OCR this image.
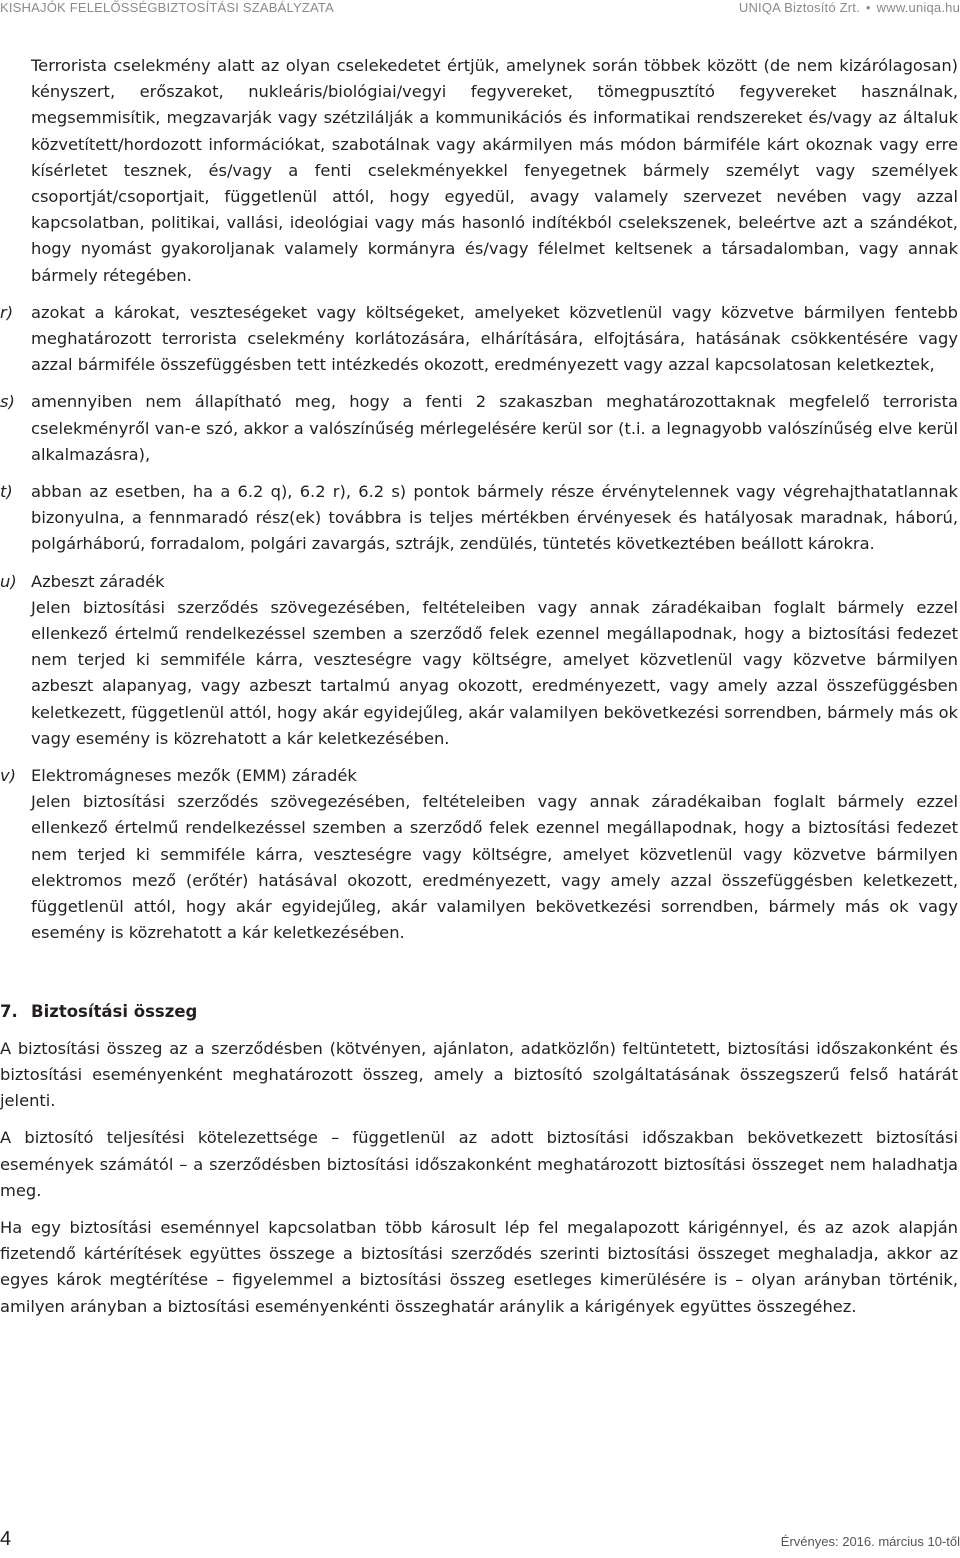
KISHAJÓK FELELŐSSÉGBIZTOSÍTÁSI SZABÁLYZATA	UNIQA Biztosító Zrt. • www.uniqa.hu

Terrorista cselekmény alatt az olyan cselekedetet értjük, amelynek során többek között (de nem kizárólagosan) kényszert, erőszakot, nukleáris/biológiai/vegyi fegyvereket, tömegpusztító fegyvereket használnak, megsemmisítik, megzavarják vagy szétzilálják a kommunikációs és informatikai rendszereket és/vagy az általuk közvetített/hordozott információkat, szabotálnak vagy akármilyen más módon bármiféle kárt okoznak vagy erre kísérletet tesznek, és/vagy a fenti cselekményekkel fenyegetnek bármely személyt vagy személyek csoportját/csoportjait, függetlenül attól, hogy egyedül, avagy valamely szervezet nevében vagy azzal kapcsolatban, politikai, vallási, ideológiai vagy más hasonló indítékból cselekszenek, beleértve azt a szándékot, hogy nyomást gyakoroljanak valamely kormányra és/vagy félelmet keltsenek a társadalomban, vagy annak bármely rétegében.

r) azokat a károkat, veszteségeket vagy költségeket, amelyeket közvetlenül vagy közvetve bármilyen fentebb meghatározott terrorista cselekmény korlátozására, elhárítására, elfojtására, hatásának csökkentésére vagy azzal bármiféle összefüggésben tett intézkedés okozott, eredményezett vagy azzal kapcsolatosan keletkeztek,
s) amennyiben nem állapítható meg, hogy a fenti 2 szakaszban meghatározottaknak megfelelő terrorista cselekményről van-e szó, akkor a valószínűség mérlegelésére kerül sor (t.i. a legnagyobb valószínűség elve kerül alkalmazásra),
t) abban az esetben, ha a 6.2 q), 6.2 r), 6.2 s) pontok bármely része érvénytelennek vagy végrehajthatatlannak bizonyulna, a fennmaradó rész(ek) továbbra is teljes mértékben érvényesek és hatályosak maradnak, háború, polgárháború, forradalom, polgári zavargás, sztrájk, zendülés, tüntetés következtében beállott károkra.
u) Azbeszt záradék
Jelen biztosítási szerződés szövegezésében, feltételeiben vagy annak záradékaiban foglalt bármely ezzel ellenkező értelmű rendelkezéssel szemben a szerződő felek ezennel megállapodnak, hogy a biztosítási fedezet nem terjed ki semmiféle kárra, veszteségre vagy költségre, amelyet közvetlenül vagy közvetve bármilyen azbeszt alapanyag, vagy azbeszt tartalmú anyag okozott, eredményezett, vagy amely azzal összefüggésben keletkezett, függetlenül attól, hogy akár egyidejűleg, akár valamilyen bekövetkezési sorrendben, bármely más ok vagy esemény is közrehatott a kár keletkezésében.
v) Elektromágneses mezők (EMM) záradék
Jelen biztosítási szerződés szövegezésében, feltételeiben vagy annak záradékaiban foglalt bármely ezzel ellenkező értelmű rendelkezéssel szemben a szerződő felek ezennel megállapodnak, hogy a biztosítási fedezet nem terjed ki semmiféle kárra, veszteségre vagy költségre, amelyet közvetlenül vagy közvetve bármilyen elektromos mező (erőtér) hatásával okozott, eredményezett, vagy amely azzal összefüggésben keletkezett, függetlenül attól, hogy akár egyidejűleg, akár valamilyen bekövetkezési sorrendben, bármely más ok vagy esemény is közrehatott a kár keletkezésében.

7. Biztosítási összeg

A biztosítási összeg az a szerződésben (kötvényen, ajánlaton, adatközlőn) feltüntetett, biztosítási időszakonként és biztosítási eseményenként meghatározott összeg, amely a biztosító szolgáltatásának összegszerű felső határát jelenti.

A biztosító teljesítési kötelezettsége – függetlenül az adott biztosítási időszakban bekövetkezett biztosítási események számától – a szerződésben biztosítási időszakonként meghatározott biztosítási összeget nem haladhatja meg.

Ha egy biztosítási eseménnyel kapcsolatban több károsult lép fel megalapozott kárigénnyel, és az azok alapján fizetendő kártérítések együttes összege a biztosítási szerződés szerinti biztosítási összeget meghaladja, akkor az egyes károk megtérítése – figyelemmel a biztosítási összeg esetleges kimerülésére is – olyan arányban történik, amilyen arányban a biztosítási eseményenkénti összeghatár aránylik a kárigények együttes összegéhez.

4	Érvényes: 2016. március 10-től
